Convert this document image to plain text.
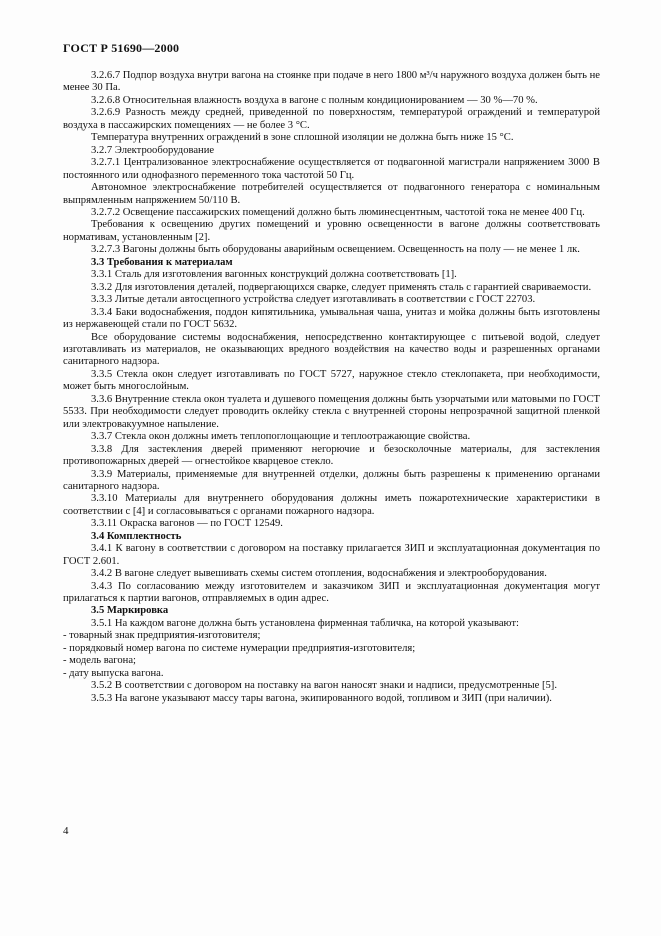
ГОСТ Р 51690—2000

3.2.6.7 Подпор воздуха внутри вагона на стоянке при подаче в него 1800 м³/ч наружного воздуха должен быть не менее 30 Па.

3.2.6.8 Относительная влажность воздуха в вагоне с полным кондиционированием — 30 %—70 %.

3.2.6.9 Разность между средней, приведенной по поверхностям, температурой ограждений и температурой воздуха в пассажирских помещениях — не более 3 °С.

Температура внутренних ограждений в зоне сплошной изоляции не должна быть ниже 15 °С.

3.2.7 Электрооборудование

3.2.7.1 Централизованное электроснабжение осуществляется от подвагонной магистрали напряжением 3000 В постоянного или однофазного переменного тока частотой 50 Гц.

Автономное электроснабжение потребителей осуществляется от подвагонного генератора с номинальным выпрямленным напряжением 50/110 В.

3.2.7.2 Освещение пассажирских помещений должно быть люминесцентным, частотой тока не менее 400 Гц.

Требования к освещению других помещений и уровню освещенности в вагоне должны соответствовать нормативам, установленным [2].

3.2.7.3 Вагоны должны быть оборудованы аварийным освещением. Освещенность на полу — не менее 1 лк.

3.3 Требования к материалам

3.3.1 Сталь для изготовления вагонных конструкций должна соответствовать [1].

3.3.2 Для изготовления деталей, подвергающихся сварке, следует применять сталь с гарантией свариваемости.

3.3.3 Литые детали автосцепного устройства следует изготавливать в соответствии с ГОСТ 22703.

3.3.4 Баки водоснабжения, поддон кипятильника, умывальная чаша, унитаз и мойка должны быть изготовлены из нержавеющей стали по ГОСТ 5632.

Все оборудование системы водоснабжения, непосредственно контактирующее с питьевой водой, следует изготавливать из материалов, не оказывающих вредного воздействия на качество воды и разрешенных органами санитарного надзора.

3.3.5 Стекла окон следует изготавливать по ГОСТ 5727, наружное стекло стеклопакета, при необходимости, может быть многослойным.

3.3.6 Внутренние стекла окон туалета и душевого помещения должны быть узорчатыми или матовыми по ГОСТ 5533. При необходимости следует проводить оклейку стекла с внутренней стороны непрозрачной защитной пленкой или электровакуумное напыление.

3.3.7 Стекла окон должны иметь теплопоглощающие и теплоотражающие свойства.

3.3.8 Для застекления дверей применяют негорючие и безосколочные материалы, для застекления противопожарных дверей — огнестойкое кварцевое стекло.

3.3.9 Материалы, применяемые для внутренней отделки, должны быть разрешены к применению органами санитарного надзора.

3.3.10 Материалы для внутреннего оборудования должны иметь пожаротехнические характеристики в соответствии с [4] и согласовываться с органами пожарного надзора.

3.3.11 Окраска вагонов — по ГОСТ 12549.

3.4 Комплектность

3.4.1 К вагону в соответствии с договором на поставку прилагается ЗИП и эксплуатационная документация по ГОСТ 2.601.

3.4.2 В вагоне следует вывешивать схемы систем отопления, водоснабжения и электрооборудования.

3.4.3 По согласованию между изготовителем и заказчиком ЗИП и эксплуатационная документация могут прилагаться к партии вагонов, отправляемых в один адрес.

3.5 Маркировка

3.5.1 На каждом вагоне должна быть установлена фирменная табличка, на которой указывают:

- товарный знак предприятия-изготовителя;

- порядковый номер вагона по системе нумерации предприятия-изготовителя;

- модель вагона;

- дату выпуска вагона.

3.5.2 В соответствии с договором на поставку на вагон наносят знаки и надписи, предусмотренные [5].

3.5.3 На вагоне указывают массу тары вагона, экипированного водой, топливом и ЗИП (при наличии).

4
